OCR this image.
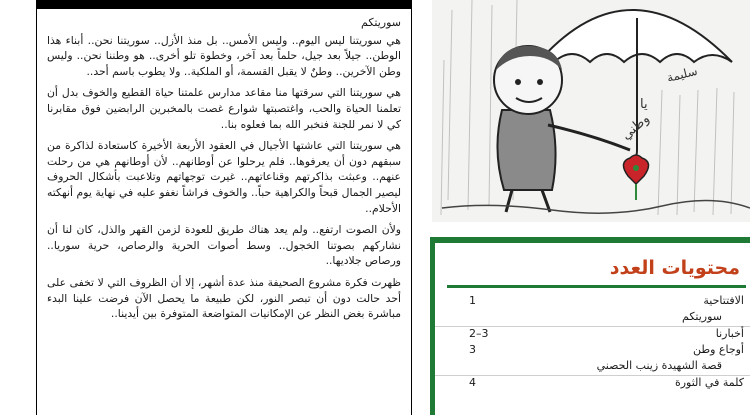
سوريتكم

هي سوريتنا ليس اليوم.. وليس الأمس.. بل منذ الأزل.. سوريتنا نحن.. أبناء هذا الوطن.. جيلاً بعد جيل، حلماً بعد آخر، وخطوة تلو أخرى.. هو وطننا نحن.. وليس وطن الآخرين.. وطنٌ لا يقبل القسمة، أو الملكية.. ولا يطوب باسم أحد..

هي سوريتنا التي سرقتها منا مقاعد مدارس علمتنا حياة القطيع والخوف بدل أن تعلمنا الحياة والحب، واغتصبتها شوارع غصت بالمخبرين الرابضين فوق مقابرنا كي لا نمر للجنة فنخبر الله بما فعلوه بنا..

هي سوريتنا التي عاشتها الأجيال في العقود الأربعة الأخيرة كاستعادة لذاكرة من سبقهم دون أن يعرفوها.. فلم يرحلوا عن أوطانهم.. لأن أوطانهم هي من رحلت عنهم.. وعبثت بذاكرتهم وقناعاتهم.. غيرت توجهاتهم وتلاعبت بأشكال الحروف ليصير الجمال قبحاً والكراهية حباً.. والخوف فراشاً نغفو عليه في نهاية يوم أنهكته الأحلام..

ولأن الصوت ارتفع.. ولم يعد هناك طريق للعودة لزمن القهر والذل، كان لنا أن نشاركهم بصوتنا الخجول.. وسط أصوات الحرية والرصاص، حرية سوريا.. ورصاص جلاديها..

ظهرت فكرة مشروع الصحيفة منذ عدة أشهر، إلا أن الظروف التي لا تخفى على أحد حالت دون أن تبصر النور، لكن طبيعة ما يحصل الآن فرضت علينا البدء مباشرة بغض النظر عن الإمكانيات المتواضعة المتوفرة بين أيدينا..

سليمة
يا
وطني
محتويات العدد
الافتتاحية
1
سوريتكم
أخبارنا
2–3
أوجاع وطن
3
قصة الشهيدة زينب الحصني
كلمة في الثورة
4
